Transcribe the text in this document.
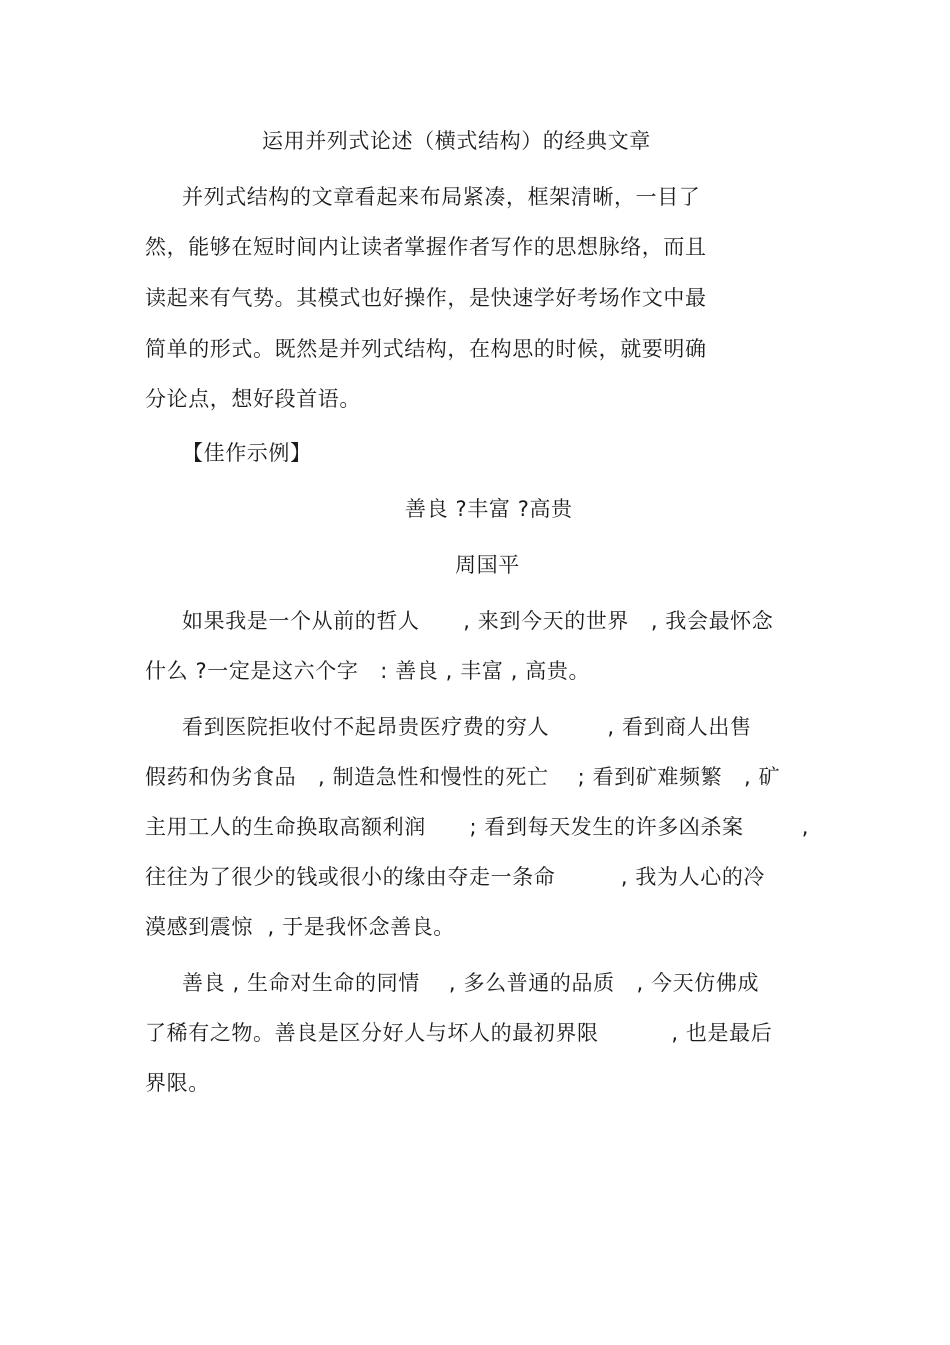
运用并列式论述（横式结构）的经典文章
并列式结构的文章看起来布局紧凑，框架清晰，一目了
然，能够在短时间内让读者掌握作者写作的思想脉络，而且
读起来有气势。其模式也好操作，是快速学好考场作文中最
简单的形式。既然是并列式结构，在构思的时候，就要明确
分论点，想好段首语。
【佳作示例】
善良 ?丰富 ?高贵
周国平
如果我是一个从前的哲人      , 来到今天的世界   , 我会最怀念
什么 ?一定是这六个字   : 善良 , 丰富 , 高贵。
看到医院拒收付不起昂贵医疗费的穷人        , 看到商人出售
假药和伪劣食品   , 制造急性和慢性的死亡    ; 看到矿难频繁   , 矿
主用工人的生命换取高额利润      ; 看到每天发生的许多凶杀案        ,
往往为了很少的钱或很小的缘由夺走一条命         , 我为人心的冷
漠感到震惊  , 于是我怀念善良。
善良 , 生命对生命的同情    , 多么普通的品质   , 今天仿佛成
了稀有之物。善良是区分好人与坏人的最初界限          , 也是最后
界限。
